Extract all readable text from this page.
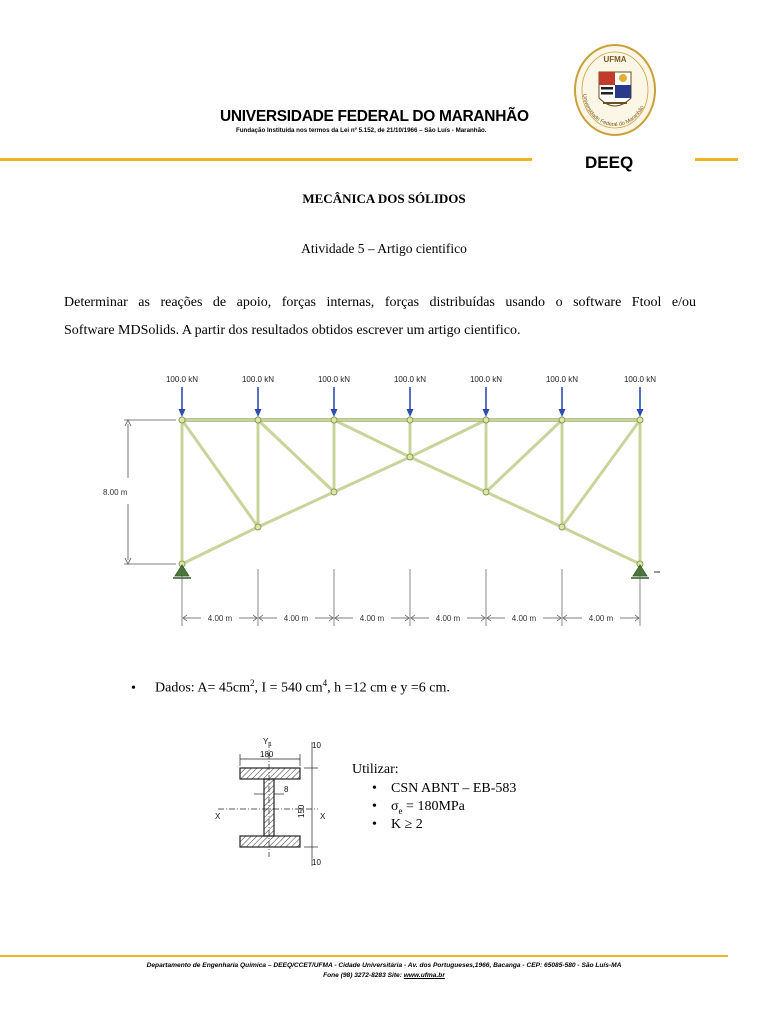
UNIVERSIDADE FEDERAL DO MARANHÃO
Fundação Instituída nos termos da Lei nº 5.152, de 21/10/1966 – São Luís - Maranhão.
DEEQ
UFMA
Universidade Federal do Maranhão
MECÂNICA DOS SÓLIDOS
Atividade 5 – Artigo cientifico
Determinar as reações de apoio, forças internas, forças distribuídas usando o software Ftool e/ou
Software MDSolids. A partir dos resultados obtidos escrever um artigo cientifico.
100.0 kN	100.0 kN	100.0 kN	100.0 kN	100.0 kN	100.0 kN	100.0 kN
8.00 m
4.00 m	4.00 m	4.00 m	4.00 m	4.00 m	4.00 m
• Dados: $A= 45cm^2$, I = 540 $cm^4$, h =12 cm e y =6 cm.
Y 1
180
10
8
150
X	X
10
Utilizar:
• CSN ABNT – EB-583
• $\sigma_e = 180MPa$
• K ≥ 2
Departamento de Engenharia Química – DEEQ/CCET/UFMA - Cidade Universitária - Av. dos Portugueses,1966, Bacanga - CEP: 65085-580 - São Luís-MA
Fone (98) 3272-8283 Site: www.ufma.br
